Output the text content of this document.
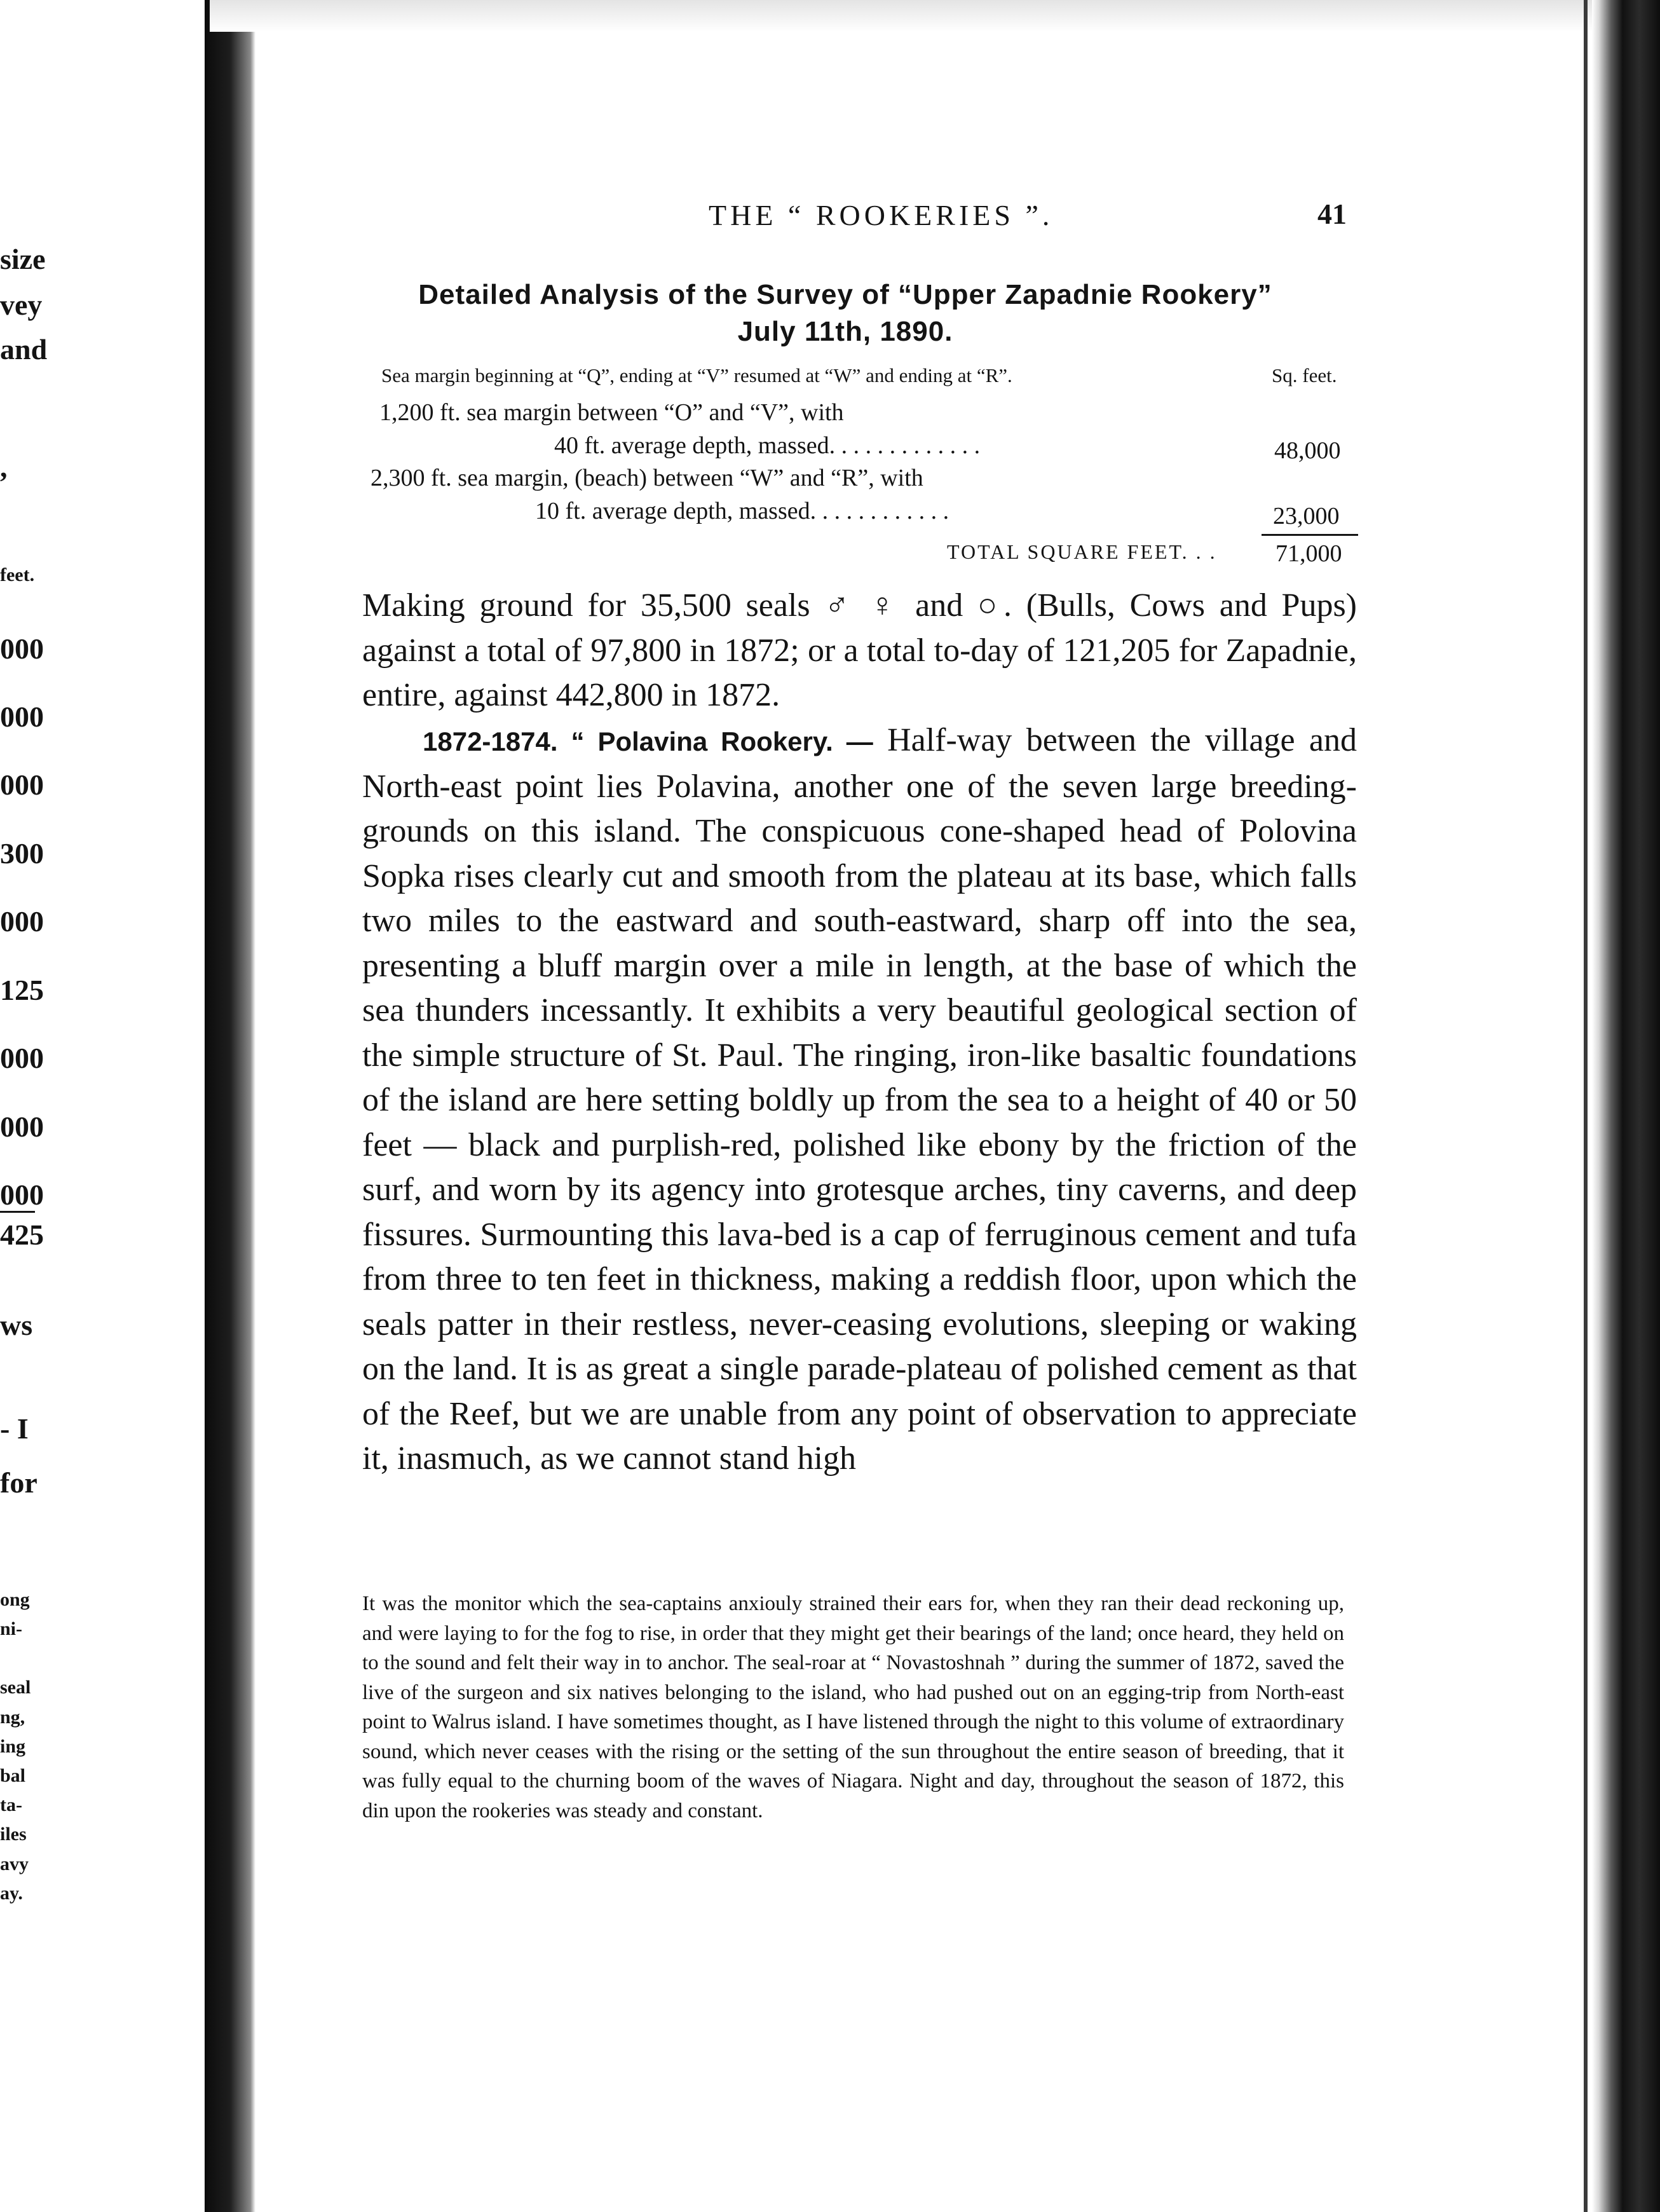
size
vey
and
,
feet.
000
000
000
300
000
125
000
000
000
425
ws
- I
for
ong
ni-
seal
ng,
ing
bal
ta-
iles
avy
ay.
THE “ ROOKERIES ”.	41
Detailed Analysis of the Survey of “Upper Zapadnie Rookery”
July 11th, 1890.
Sea margin beginning at “Q”, ending at “V” resumed at “W” and ending at “R”.	Sq. feet.
1,200 ft. sea margin between “O” and “V”, with
40 ft. average depth, massed. . . . . . . . . . . . .	48,000
2,300 ft. sea margin, (beach) between “W” and “R”, with
10 ft. average depth, massed. . . . . . . . . . . .	23,000
TOTAL SQUARE FEET. . . 71,000
Making ground for 35,500 seals ♂ ♀ and ○. (Bulls, Cows and Pups) against a total of 97,800 in 1872; or a total to-day of 121,205 for Zapadnie, entire, against 442,800 in 1872.
1872-1874. “ Polavina Rookery. — Half-way between the village and North-east point lies Polavina, another one of the seven large breeding-grounds on this island. The conspicuous cone-shaped head of Polovina Sopka rises clearly cut and smooth from the plateau at its base, which falls two miles to the eastward and south-eastward, sharp off into the sea, presenting a bluff margin over a mile in length, at the base of which the sea thunders incessantly. It exhibits a very beautiful geological section of the simple structure of St. Paul. The ringing, iron-like basaltic foundations of the island are here setting boldly up from the sea to a height of 40 or 50 feet — black and purplish-red, polished like ebony by the friction of the surf, and worn by its agency into grotesque arches, tiny caverns, and deep fissures. Surmounting this lava-bed is a cap of ferruginous cement and tufa from three to ten feet in thickness, making a reddish floor, upon which the seals patter in their restless, never-ceasing evolutions, sleeping or waking on the land. It is as great a single parade-plateau of polished cement as that of the Reef, but we are unable from any point of observation to appreciate it, inasmuch, as we cannot stand high
It was the monitor which the sea-captains anxiouly strained their ears for, when they ran their dead reckoning up, and were laying to for the fog to rise, in order that they might get their bearings of the land; once heard, they held on to the sound and felt their way in to anchor. The seal-roar at “ Novastoshnah ” during the summer of 1872, saved the live of the surgeon and six natives belonging to the island, who had pushed out on an egging-trip from North-east point to Walrus island. I have sometimes thought, as I have listened through the night to this volume of extraordinary sound, which never ceases with the rising or the setting of the sun throughout the entire season of breeding, that it was fully equal to the churning boom of the waves of Niagara. Night and day, throughout the season of 1872, this din upon the rookeries was steady and constant.
